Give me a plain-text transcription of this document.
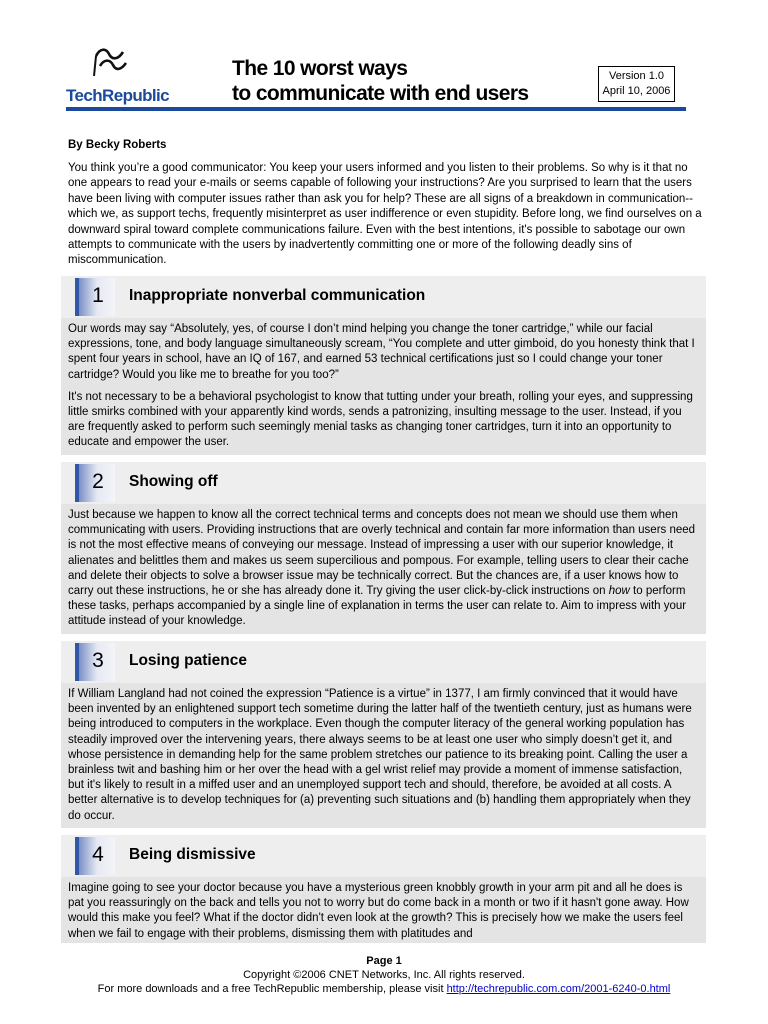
TechRepublic
The 10 worst ways
to communicate with end users
Version 1.0
April 10, 2006
By Becky Roberts

You think you’re a good communicator: You keep your users informed and you listen to their problems. So why is it that no one appears to read your e-mails or seems capable of following your instructions? Are you surprised to learn that the users have been living with computer issues rather than ask you for help? These are all signs of a breakdown in communication--which we, as support techs, frequently misinterpret as user indifference or even stupidity. Before long, we find ourselves on a downward spiral toward complete communications failure. Even with the best intentions, it's possible to sabotage our own attempts to communicate with the users by inadvertently committing one or more of the following deadly sins of miscommunication.

1	Inappropriate nonverbal communication

Our words may say “Absolutely, yes, of course I don’t mind helping you change the toner cartridge,” while our facial expressions, tone, and body language simultaneously scream, “You complete and utter gimboid, do you honesty think that I spent four years in school, have an IQ of 167, and earned 53 technical certifications just so I could change your toner cartridge? Would you like me to breathe for you too?”

It's not necessary to be a behavioral psychologist to know that tutting under your breath, rolling your eyes, and suppressing little smirks combined with your apparently kind words, sends a patronizing, insulting message to the user. Instead, if you are frequently asked to perform such seemingly menial tasks as changing toner cartridges, turn it into an opportunity to educate and empower the user.

2	Showing off

Just because we happen to know all the correct technical terms and concepts does not mean we should use them when communicating with users. Providing instructions that are overly technical and contain far more information than users need is not the most effective means of conveying our message. Instead of impressing a user with our superior knowledge, it alienates and belittles them and makes us seem supercilious and pompous. For example, telling users to clear their cache and delete their objects to solve a browser issue may be technically correct. But the chances are, if a user knows how to carry out these instructions, he or she has already done it. Try giving the user click-by-click instructions on how to perform these tasks, perhaps accompanied by a single line of explanation in terms the user can relate to. Aim to impress with your attitude instead of your knowledge.

3	Losing patience

If William Langland had not coined the expression “Patience is a virtue” in 1377, I am firmly convinced that it would have been invented by an enlightened support tech sometime during the latter half of the twentieth century, just as humans were being introduced to computers in the workplace. Even though the computer literacy of the general working population has steadily improved over the intervening years, there always seems to be at least one user who simply doesn’t get it, and whose persistence in demanding help for the same problem stretches our patience to its breaking point. Calling the user a brainless twit and bashing him or her over the head with a gel wrist relief may provide a moment of immense satisfaction, but it's likely to result in a miffed user and an unemployed support tech and should, therefore, be avoided at all costs. A better alternative is to develop techniques for (a) preventing such situations and (b) handling them appropriately when they do occur.

4	Being dismissive

Imagine going to see your doctor because you have a mysterious green knobbly growth in your arm pit and all he does is pat you reassuringly on the back and tells you not to worry but do come back in a month or two if it hasn't gone away. How would this make you feel? What if the doctor didn't even look at the growth? This is precisely how we make the users feel when we fail to engage with their problems, dismissing them with platitudes and

Page 1
Copyright ©2006 CNET Networks, Inc. All rights reserved.
For more downloads and a free TechRepublic membership, please visit http://techrepublic.com.com/2001-6240-0.html
